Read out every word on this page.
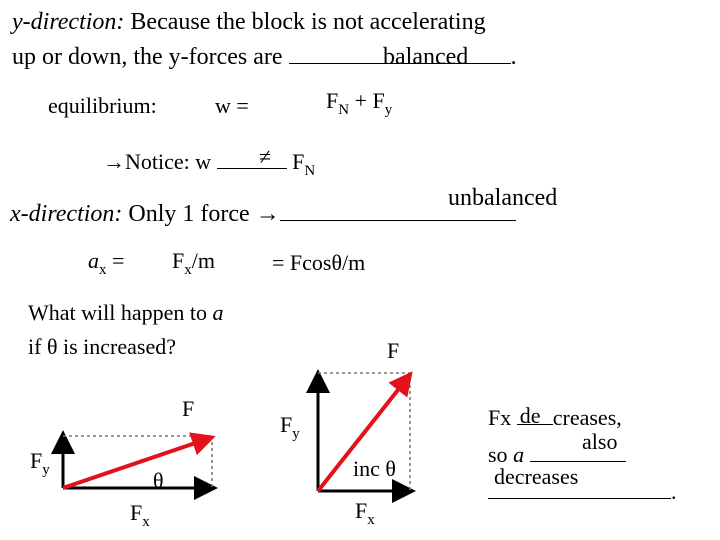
y-direction: Because the block is not accelerating
up or down, the y-forces are	.
balanced
equilibrium:	w =	$F_N + F_y$
→Notice: $w \ne F_N$
unbalanced
x-direction: Only 1 force →
$a_x = F_x/m$	= Fcosθ/m
What will happen to a
if θ is increased?
F
$F_y$	θ
$F_x$
F
$F_y$
inc θ
$F_x$
Fx de creases,
also
so a
decreases
.
